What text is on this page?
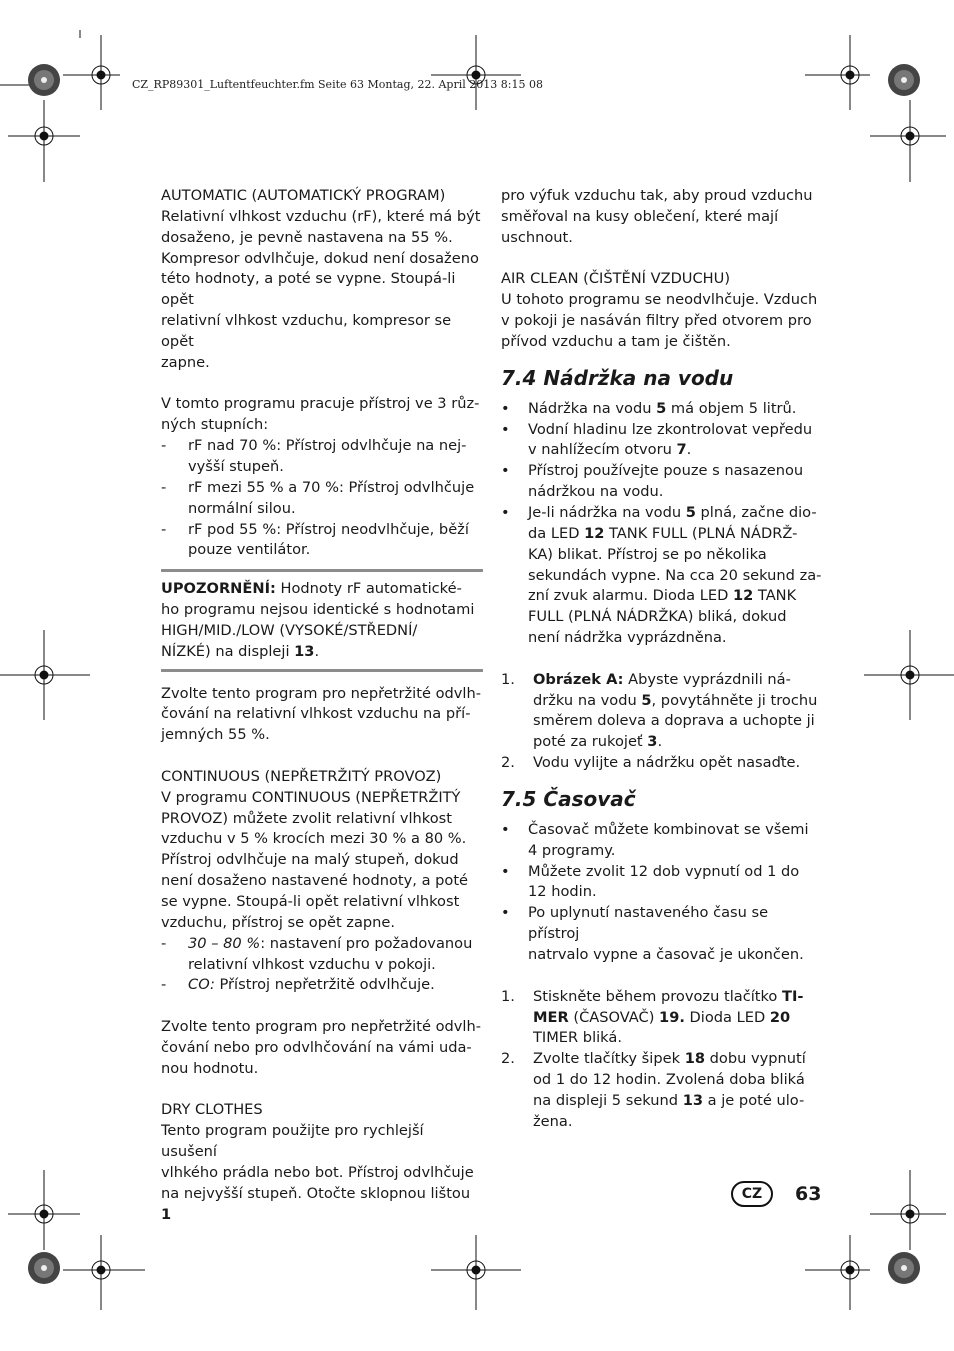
CZ_RP89301_Luftentfeuchter.fm Seite 63 Montag, 22. April 2013 8:15 08
AUTOMATIC (AUTOMATICKÝ PROGRAM)
Relativní vlhkost vzduchu (rF), které má být
dosaženo, je pevně nastavena na 55 %.
Kompresor odvlhčuje, dokud není dosaženo
této hodnoty, a poté se vypne. Stoupá-li opět
relativní vlhkost vzduchu, kompresor se opět
zapne.
V tomto programu pracuje přístroj ve 3 růz-
ných stupních:
- rF nad 70 %: Přístroj odvlhčuje na nej-
vyšší stupeň.
- rF mezi 55 % a 70 %: Přístroj odvlhčuje
normální silou.
- rF pod 55 %: Přístroj neodvlhčuje, běží
pouze ventilátor.
UPOZORNĚNÍ: Hodnoty rF automatické-
ho programu nejsou identické s hodnotami
HIGH/MID./LOW (VYSOKÉ/STŘEDNÍ/
NÍZKÉ) na displeji 13.
Zvolte tento program pro nepřetržité odvlh-
čování na relativní vlhkost vzduchu na pří-
jemných 55 %.
CONTINUOUS (NEPŘETRŽITÝ PROVOZ)
V programu CONTINUOUS (NEPŘETRŽITÝ
PROVOZ) můžete zvolit relativní vlhkost
vzduchu v 5 % krocích mezi 30 % a 80 %.
Přístroj odvlhčuje na malý stupeň, dokud
není dosaženo nastavené hodnoty, a poté
se vypne. Stoupá-li opět relativní vlhkost
vzduchu, přístroj se opět zapne.
- 30 – 80 %: nastavení pro požadovanou
relativní vlhkost vzduchu v pokoji.
- CO: Přístroj nepřetržitě odvlhčuje.
Zvolte tento program pro nepřetržité odvlh-
čování nebo pro odvlhčování na vámi uda-
nou hodnotu.
DRY CLOTHES
Tento program použijte pro rychlejší usušení
vlhkého prádla nebo bot. Přístroj odvlhčuje
na nejvyšší stupeň. Otočte sklopnou lištou 1
pro výfuk vzduchu tak, aby proud vzduchu
směřoval na kusy oblečení, které mají
uschnout.
AIR CLEAN (ČIŠTĚNÍ VZDUCHU)
U tohoto programu se neodvlhčuje. Vzduch
v pokoji je nasáván filtry před otvorem pro
přívod vzduchu a tam je čištěn.
7.4 Nádržka na vodu
• Nádržka na vodu 5 má objem 5 litrů.
• Vodní hladinu lze zkontrolovat vepředu
v nahlížecím otvoru 7.
• Přístroj používejte pouze s nasazenou
nádržkou na vodu.
• Je-li nádržka na vodu 5 plná, začne dio-
da LED 12 TANK FULL (PLNÁ NÁDRŽ-
KA) blikat. Přístroj se po několika
sekundách vypne. Na cca 20 sekund za-
zní zvuk alarmu. Dioda LED 12 TANK
FULL (PLNÁ NÁDRŽKA) bliká, dokud
není nádržka vyprázdněna.
1. Obrázek A: Abyste vyprázdnili ná-
držku na vodu 5, povytáhněte ji trochu
směrem doleva a doprava a uchopte ji
poté za rukojeť 3.
2. Vodu vylijte a nádržku opět nasaďte.
7.5 Časovač
• Časovač můžete kombinovat se všemi
4 programy.
• Můžete zvolit 12 dob vypnutí od 1 do
12 hodin.
• Po uplynutí nastaveného času se přístroj
natrvalo vypne a časovač je ukončen.
1. Stiskněte během provozu tlačítko TI-
MER (ČASOVAČ) 19. Dioda LED 20
TIMER bliká.
2. Zvolte tlačítky šipek 18 dobu vypnutí
od 1 do 12 hodin. Zvolená doba bliká
na displeji 5 sekund 13 a je poté ulo-
žena.
CZ	63
